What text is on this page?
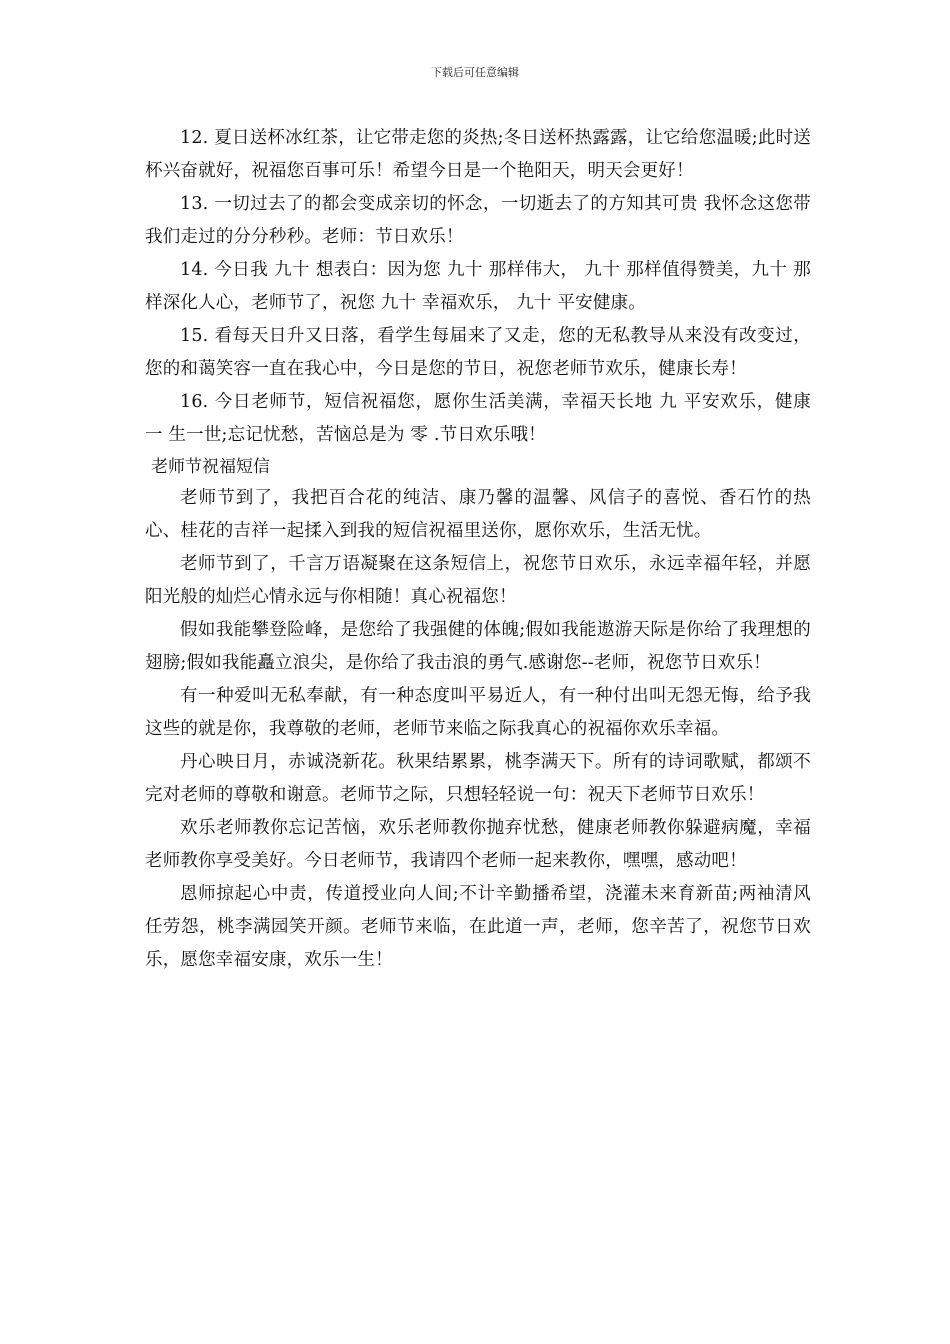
下载后可任意编辑

12. 夏日送杯冰红茶，让它带走您的炎热;冬日送杯热露露，让它给您温暖;此时送杯兴奋就好，祝福您百事可乐！希望今日是一个艳阳天，明天会更好！

13. 一切过去了的都会变成亲切的怀念，一切逝去了的方知其可贵 我怀念这您带我们走过的分分秒秒。老师：节日欢乐！

14. 今日我 九十 想表白：因为您 九十 那样伟大， 九十 那样值得赞美，九十 那样深化人心，老师节了，祝您 九十 幸福欢乐， 九十 平安健康。

15. 看每天日升又日落，看学生每届来了又走，您的无私教导从来没有改变过，您的和蔼笑容一直在我心中，今日是您的节日，祝您老师节欢乐，健康长寿！

16. 今日老师节，短信祝福您，愿你生活美满，幸福天长地 九 平安欢乐，健康 一 生一世;忘记忧愁，苦恼总是为 零 .节日欢乐哦！

老师节祝福短信

老师节到了，我把百合花的纯洁、康乃馨的温馨、风信子的喜悦、香石竹的热心、桂花的吉祥一起揉入到我的短信祝福里送你，愿你欢乐，生活无忧。

老师节到了，千言万语凝聚在这条短信上，祝您节日欢乐，永远幸福年轻，并愿阳光般的灿烂心情永远与你相随！真心祝福您！

假如我能攀登险峰，是您给了我强健的体魄;假如我能遨游天际是你给了我理想的翅膀;假如我能矗立浪尖，是你给了我击浪的勇气.感谢您--老师，祝您节日欢乐！

有一种爱叫无私奉献，有一种态度叫平易近人，有一种付出叫无怨无悔，给予我这些的就是你，我尊敬的老师，老师节来临之际我真心的祝福你欢乐幸福。

丹心映日月，赤诚浇新花。秋果结累累，桃李满天下。所有的诗词歌赋，都颂不完对老师的尊敬和谢意。老师节之际，只想轻轻说一句：祝天下老师节日欢乐！

欢乐老师教你忘记苦恼，欢乐老师教你抛弃忧愁，健康老师教你躲避病魔，幸福老师教你享受美好。今日老师节，我请四个老师一起来教你，嘿嘿，感动吧！

恩师掠起心中责，传道授业向人间;不计辛勤播希望，浇灌未来育新苗;两袖清风任劳怨，桃李满园笑开颜。老师节来临，在此道一声，老师，您辛苦了，祝您节日欢乐，愿您幸福安康，欢乐一生！
